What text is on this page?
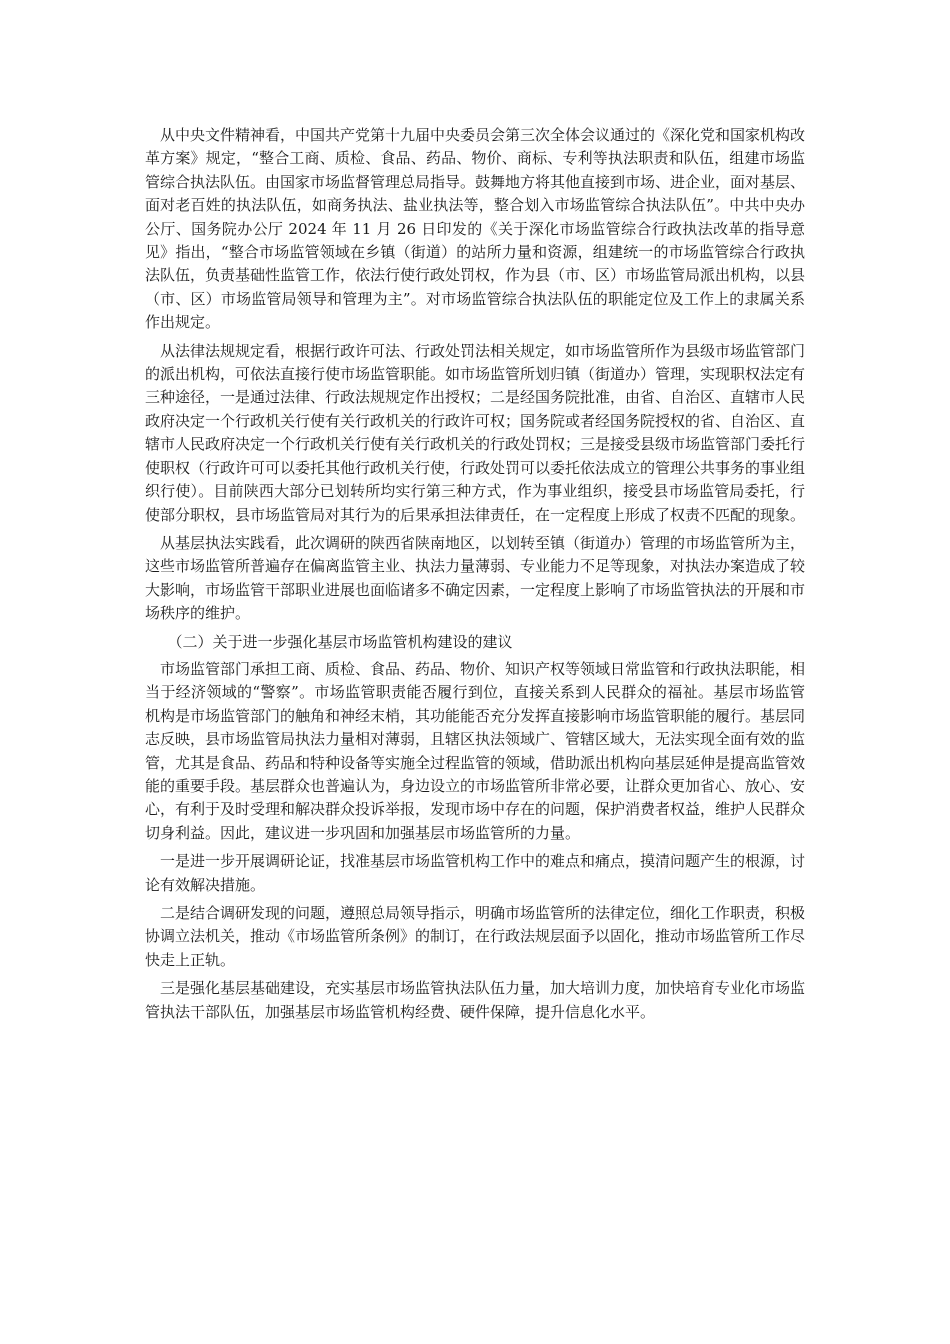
从中央文件精神看，中国共产党第十九届中央委员会第三次全体会议通过的《深化党和国家机构改革方案》规定，“整合工商、质检、食品、药品、物价、商标、专利等执法职责和队伍，组建市场监管综合执法队伍。由国家市场监督管理总局指导。鼓舞地方将其他直接到市场、进企业，面对基层、面对老百姓的执法队伍，如商务执法、盐业执法等，整合划入市场监管综合执法队伍”。中共中央办公厅、国务院办公厅 2024 年 11 月 26 日印发的《关于深化市场监管综合行政执法改革的指导意见》指出，“整合市场监管领域在乡镇（街道）的站所力量和资源，组建统一的市场监管综合行政执法队伍，负责基础性监管工作，依法行使行政处罚权，作为县（市、区）市场监管局派出机构，以县（市、区）市场监管局领导和管理为主”。对市场监管综合执法队伍的职能定位及工作上的隶属关系作出规定。

从法律法规规定看，根据行政许可法、行政处罚法相关规定，如市场监管所作为县级市场监管部门的派出机构，可依法直接行使市场监管职能。如市场监管所划归镇（街道办）管理，实现职权法定有三种途径，一是通过法律、行政法规规定作出授权；二是经国务院批准，由省、自治区、直辖市人民政府决定一个行政机关行使有关行政机关的行政许可权；国务院或者经国务院授权的省、自治区、直辖市人民政府决定一个行政机关行使有关行政机关的行政处罚权；三是接受县级市场监管部门委托行使职权（行政许可可以委托其他行政机关行使，行政处罚可以委托依法成立的管理公共事务的事业组织行使）。目前陕西大部分已划转所均实行第三种方式，作为事业组织，接受县市场监管局委托，行使部分职权，县市场监管局对其行为的后果承担法律责任，在一定程度上形成了权责不匹配的现象。

从基层执法实践看，此次调研的陕西省陕南地区，以划转至镇（街道办）管理的市场监管所为主，这些市场监管所普遍存在偏离监管主业、执法力量薄弱、专业能力不足等现象，对执法办案造成了较大影响，市场监管干部职业进展也面临诸多不确定因素，一定程度上影响了市场监管执法的开展和市场秩序的维护。

（二）关于进一步强化基层市场监管机构建设的建议

市场监管部门承担工商、质检、食品、药品、物价、知识产权等领域日常监管和行政执法职能，相当于经济领域的“警察”。市场监管职责能否履行到位，直接关系到人民群众的福祉。基层市场监管机构是市场监管部门的触角和神经末梢，其功能能否充分发挥直接影响市场监管职能的履行。基层同志反映，县市场监管局执法力量相对薄弱，且辖区执法领域广、管辖区域大，无法实现全面有效的监管，尤其是食品、药品和特种设备等实施全过程监管的领域，借助派出机构向基层延伸是提高监管效能的重要手段。基层群众也普遍认为，身边设立的市场监管所非常必要，让群众更加省心、放心、安心，有利于及时受理和解决群众投诉举报，发现市场中存在的问题，保护消费者权益，维护人民群众切身利益。因此，建议进一步巩固和加强基层市场监管所的力量。

一是进一步开展调研论证，找准基层市场监管机构工作中的难点和痛点，摸清问题产生的根源，讨论有效解决措施。

二是结合调研发现的问题，遵照总局领导指示，明确市场监管所的法律定位，细化工作职责，积极协调立法机关，推动《市场监管所条例》的制订，在行政法规层面予以固化，推动市场监管所工作尽快走上正轨。

三是强化基层基础建设，充实基层市场监管执法队伍力量，加大培训力度，加快培育专业化市场监管执法干部队伍，加强基层市场监管机构经费、硬件保障，提升信息化水平。
